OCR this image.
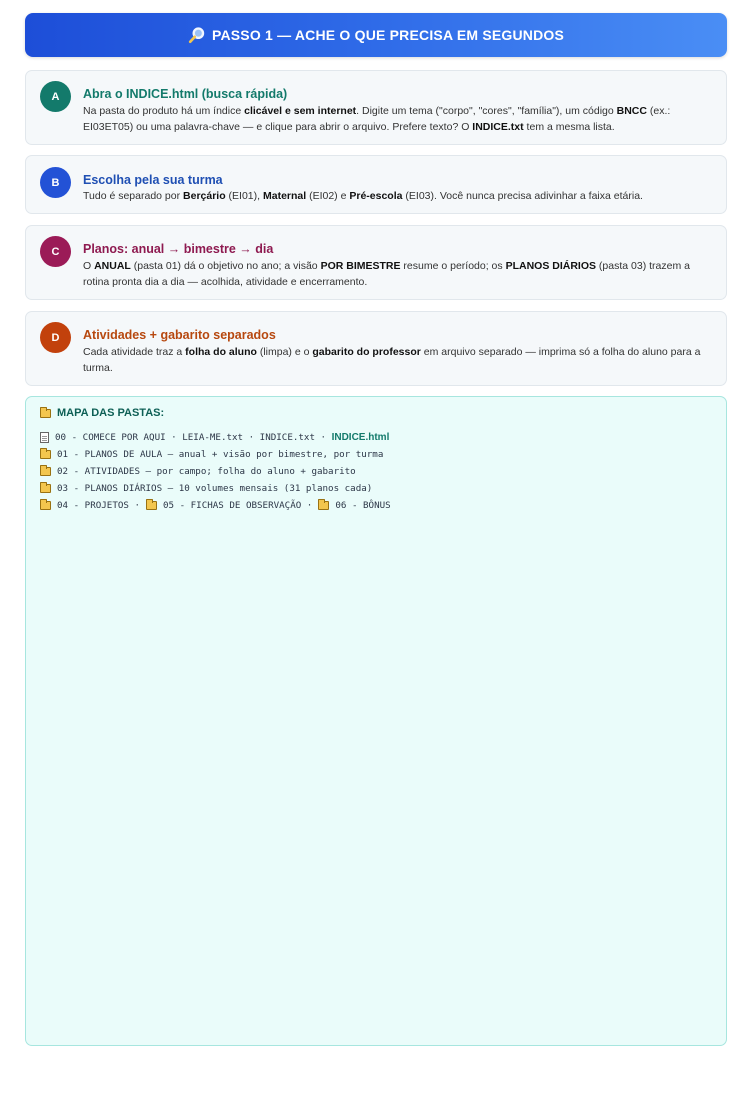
PASSO 1 — ACHE O QUE PRECISA EM SEGUNDOS
A	Abra o INDICE.html (busca rápida)
Na pasta do produto há um índice clicável e sem internet. Digite um tema ("corpo", "cores", "família"), um código BNCC (ex.: EI03ET05) ou uma palavra-chave — e clique para abrir o arquivo. Prefere texto? O INDICE.txt tem a mesma lista.
B	Escolha pela sua turma
Tudo é separado por Berçário (EI01), Maternal (EI02) e Pré-escola (EI03). Você nunca precisa adivinhar a faixa etária.
C	Planos: anual → bimestre → dia
O ANUAL (pasta 01) dá o objetivo no ano; a visão POR BIMESTRE resume o período; os PLANOS DIÁRIOS (pasta 03) trazem a rotina pronta dia a dia — acolhida, atividade e encerramento.
D	Atividades + gabarito separados
Cada atividade traz a folha do aluno (limpa) e o gabarito do professor em arquivo separado — imprima só a folha do aluno para a turma.
MAPA DAS PASTAS:
00 - COMECE POR AQUI · LEIA-ME.txt · INDICE.txt · INDICE.html
01 - PLANOS DE AULA — anual + visão por bimestre, por turma
02 - ATIVIDADES — por campo; folha do aluno + gabarito
03 - PLANOS DIÁRIOS — 10 volumes mensais (31 planos cada)
04 - PROJETOS ·	05 - FICHAS DE OBSERVAÇÃO ·	06 - BÔNUS
